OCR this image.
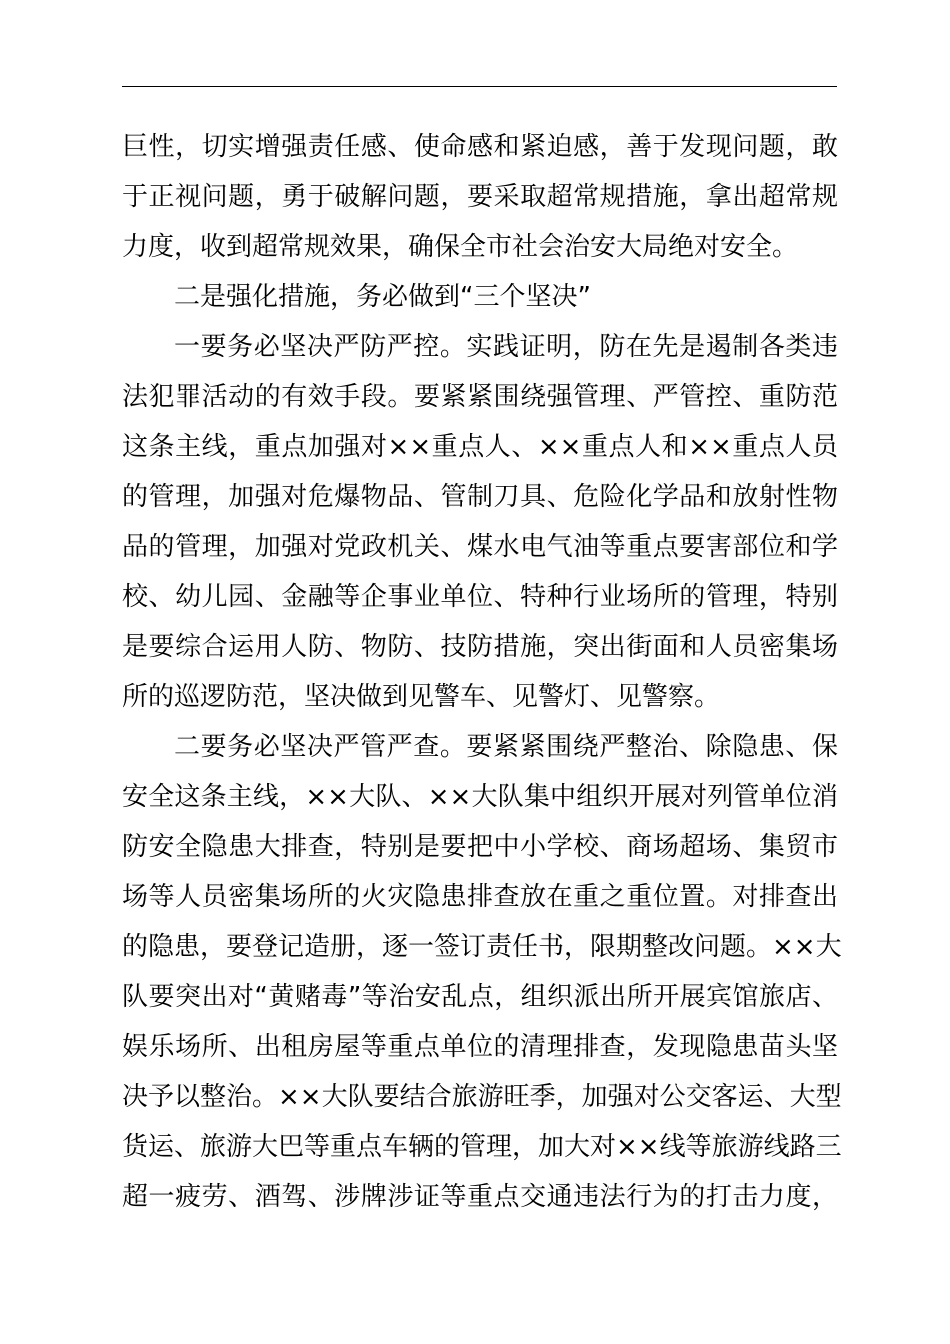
巨性，切实增强责任感、使命感和紧迫感，善于发现问题，敢
于正视问题，勇于破解问题，要采取超常规措施，拿出超常规
力度，收到超常规效果，确保全市社会治安大局绝对安全。
二是强化措施，务必做到“三个坚决”
一要务必坚决严防严控。实践证明，防在先是遏制各类违
法犯罪活动的有效手段。要紧紧围绕强管理、严管控、重防范
这条主线，重点加强对××重点人、××重点人和××重点人员
的管理，加强对危爆物品、管制刀具、危险化学品和放射性物
品的管理，加强对党政机关、煤水电气油等重点要害部位和学
校、幼儿园、金融等企事业单位、特种行业场所的管理，特别
是要综合运用人防、物防、技防措施，突出街面和人员密集场
所的巡逻防范，坚决做到见警车、见警灯、见警察。
二要务必坚决严管严查。要紧紧围绕严整治、除隐患、保
安全这条主线，××大队、××大队集中组织开展对列管单位消
防安全隐患大排查，特别是要把中小学校、商场超场、集贸市
场等人员密集场所的火灾隐患排查放在重之重位置。对排查出
的隐患，要登记造册，逐一签订责任书，限期整改问题。××大
队要突出对“黄赌毒”等治安乱点，组织派出所开展宾馆旅店、
娱乐场所、出租房屋等重点单位的清理排查，发现隐患苗头坚
决予以整治。××大队要结合旅游旺季，加强对公交客运、大型
货运、旅游大巴等重点车辆的管理，加大对××线等旅游线路三
超一疲劳、酒驾、涉牌涉证等重点交通违法行为的打击力度，
